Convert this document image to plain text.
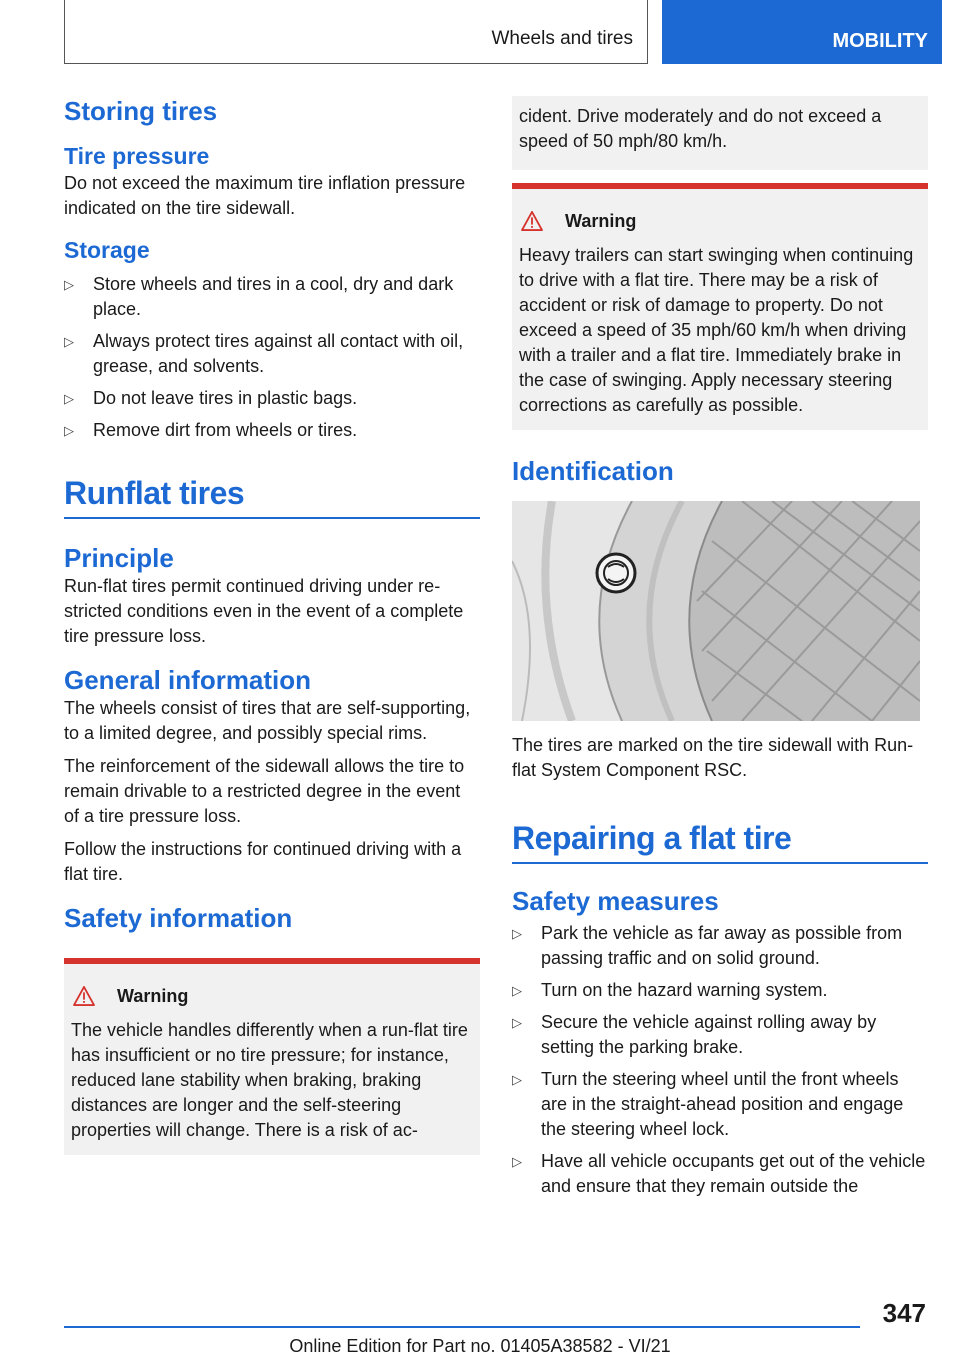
Wheels and tires	MOBILITY
Storing tires
Tire pressure

Do not exceed the maximum tire inflation pressure indicated on the tire sidewall.

Storage
▷ Store wheels and tires in a cool, dry and dark place.
▷ Always protect tires against all contact with oil, grease, and solvents.
▷ Do not leave tires in plastic bags.
▷ Remove dirt from wheels or tires.
Runflat tires
Principle

Run-flat tires permit continued driving under restricted conditions even in the event of a complete tire pressure loss.

General information

The wheels consist of tires that are self-supporting, to a limited degree, and possibly special rims.

The reinforcement of the sidewall allows the tire to remain drivable to a restricted degree in the event of a tire pressure loss.

Follow the instructions for continued driving with a flat tire.

Safety information
Warning

The vehicle handles differently when a run-flat tire has insufficient or no tire pressure; for instance, reduced lane stability when braking, braking distances are longer and the self-steering properties will change. There is a risk of ac-

cident. Drive moderately and do not exceed a speed of 50 mph/80 km/h.

Warning

Heavy trailers can start swinging when continuing to drive with a flat tire. There may be a risk of accident or risk of damage to property. Do not exceed a speed of 35 mph/60 km/h when driving with a trailer and a flat tire. Immediately brake in the case of swinging. Apply necessary steering corrections as carefully as possible.

Identification

The tires are marked on the tire sidewall with Run-flat System Component RSC.

Repairing a flat tire
Safety measures
▷ Park the vehicle as far away as possible from passing traffic and on solid ground.
▷ Turn on the hazard warning system.
▷ Secure the vehicle against rolling away by setting the parking brake.
▷ Turn the steering wheel until the front wheels are in the straight-ahead position and engage the steering wheel lock.
▷ Have all vehicle occupants get out of the vehicle and ensure that they remain outside the
347
Online Edition for Part no. 01405A38582 - VI/21
